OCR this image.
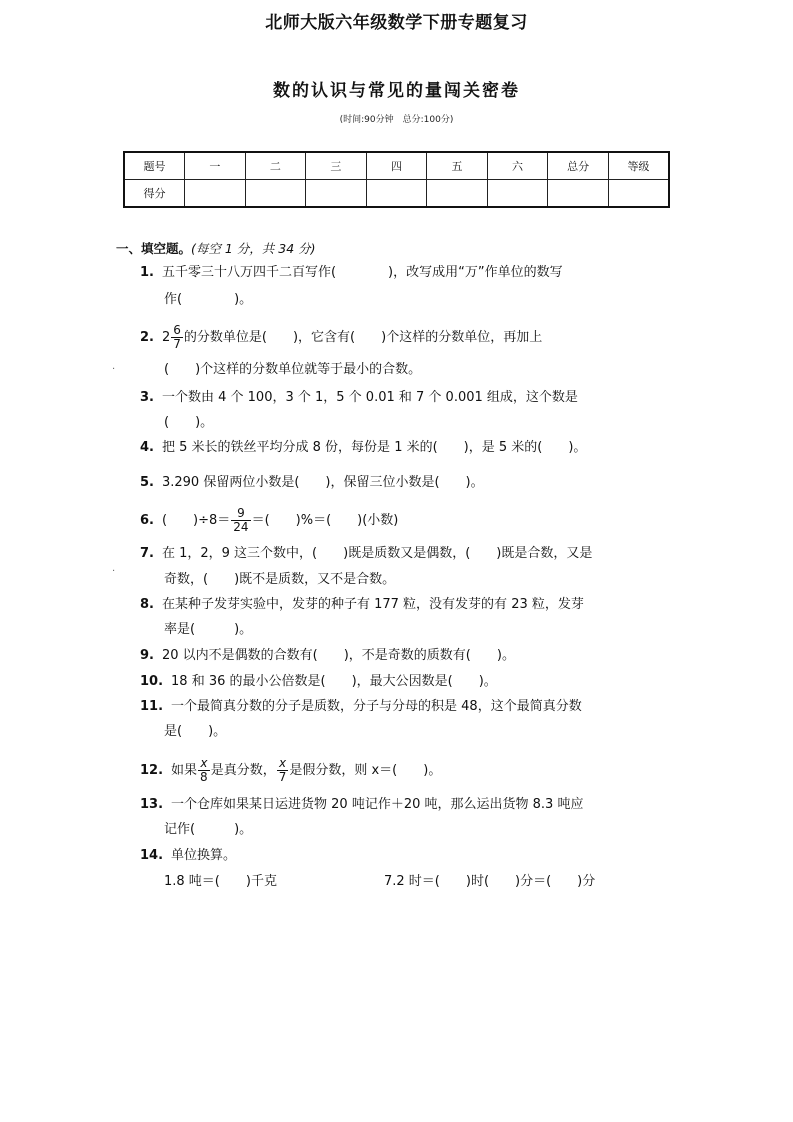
北师大版六年级数学下册专题复习
数的认识与常见的量闯关密卷
(时间:90分钟　总分:100分)
题号	一	二	三	四	五	六	总分	等级
得分								
一、填空题。(每空 1 分，共 34 分)
1. 五千零三十八万四千二百写作(　　　　)，改写成用“万”作单位的数写
作(　　　　)。
2. $2 \frac{6}{7}$ 的分数单位是(　　)，它含有(　　)个这样的分数单位，再加上
(　　)个这样的分数单位就等于最小的合数。
·
3. 一个数由 4 个 100，3 个 1，5 个 0.01 和 7 个 0.001 组成，这个数是
(　　)。
4. 把 5 米长的铁丝平均分成 8 份，每份是 1 米的(　　)，是 5 米的(　　)。
5. 3.290 保留两位小数是(　　)，保留三位小数是(　　)。
6. (　　)$\div 8= \frac{9}{24}$ ＝(　　)%＝(　　)(小数)
7. 在 1，2，9 这三个数中，(　　)既是质数又是偶数，(　　)既是合数，又是
奇数，(　　)既不是质数，又不是合数。
·
8. 在某种子发芽实验中，发芽的种子有 177 粒，没有发芽的有 23 粒，发芽
率是(　　　)。
9. 20 以内不是偶数的合数有(　　)，不是奇数的质数有(　　)。
10. 18 和 36 的最小公倍数是(　　)，最大公因数是(　　)。
11. 一个最简真分数的分子是质数，分子与分母的积是 48，这个最简真分数
是(　　)。
12. 如果 $\frac{x}{8}$ 是真分数， $\frac{x}{7}$ 是假分数，则 x＝(　　)。
13. 一个仓库如果某日运进货物 20 吨记作＋20 吨，那么运出货物 8.3 吨应
记作(　　　)。
14. 单位换算。
1.8 吨＝(　　)千克	7.2 时＝(　　)时(　　)分＝(　　)分
